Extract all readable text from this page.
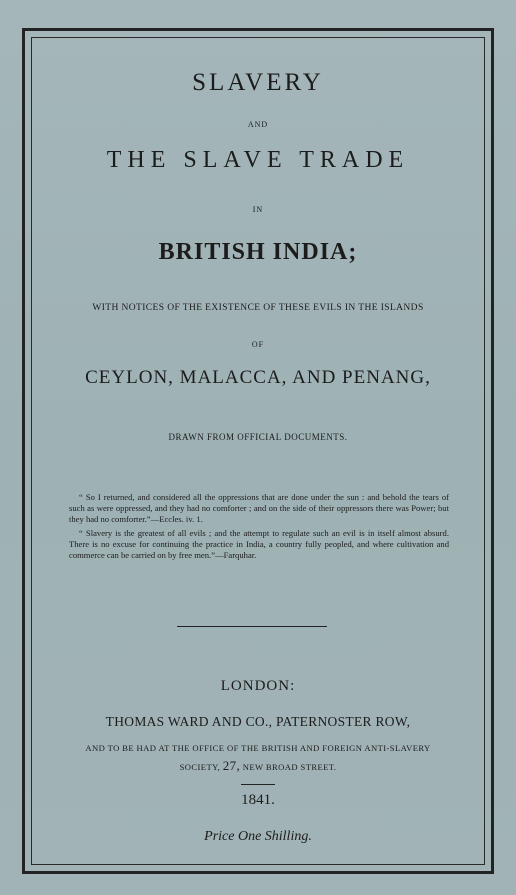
SLAVERY
AND
THE SLAVE TRADE
IN
BRITISH INDIA;
WITH NOTICES OF THE EXISTENCE OF THESE EVILS IN THE ISLANDS
OF
CEYLON, MALACCA, AND PENANG,
DRAWN FROM OFFICIAL DOCUMENTS.

“ So I returned, and considered all the oppressions that are done under the sun : and behold the tears of such as were oppressed, and they had no comforter ; and on the side of their oppressors there was Power; but they had no comforter.”—Eccles. iv. 1.

“ Slavery is the greatest of all evils ; and the attempt to regulate such an evil is in itself almost absurd. There is no excuse for continuing the practice in India, a country fully peopled, and where cultivation and commerce can be carried on by free men.”—Farquhar.

LONDON:
THOMAS WARD AND CO., PATERNOSTER ROW,
AND TO BE HAD AT THE OFFICE OF THE BRITISH AND FOREIGN ANTI-SLAVERY
SOCIETY, 27, NEW BROAD STREET.
1841.
Price One Shilling.
